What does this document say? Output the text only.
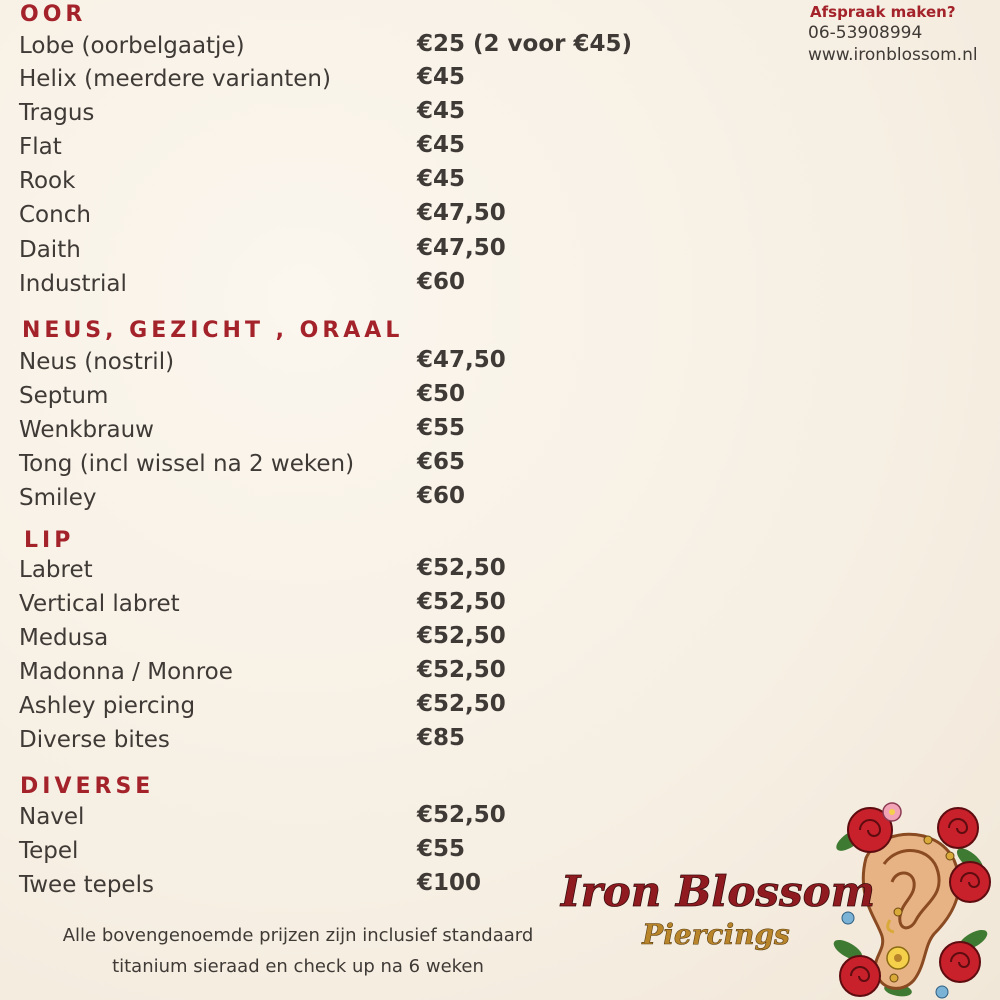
OOR
NEUS, GEZICHT , ORAAL
LIP
DIVERSE
Lobe (oorbelgaatje)	€25 (2 voor €45)
Helix (meerdere varianten)	€45
Tragus	€45
Flat	€45
Rook	€45
Conch	€47,50
Daith	€47,50
Industrial	€60
Neus (nostril)	€47,50
Septum	€50
Wenkbrauw	€55
Tong (incl wissel na 2 weken)	€65
Smiley	€60
Labret	€52,50
Vertical labret	€52,50
Medusa	€52,50
Madonna / Monroe	€52,50
Ashley piercing	€52,50
Diverse bites	€85
Navel	€52,50
Tepel	€55
Twee tepels	€100
Afspraak maken?
06-53908994
www.ironblossom.nl
Alle bovengenoemde prijzen zijn inclusief standaard
titanium sieraad en check up na 6 weken
Iron Blossom
Piercings
